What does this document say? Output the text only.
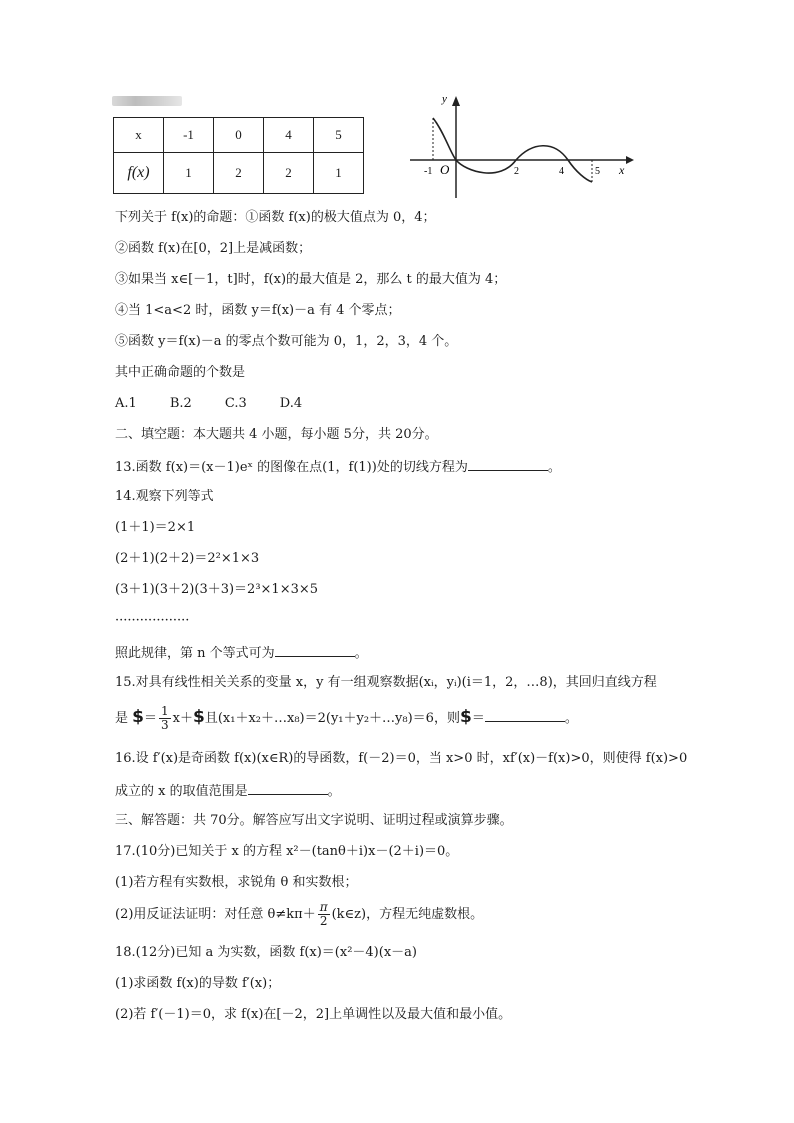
x	-1	0	4	5
f(x)	1	2	2	1
y
x
O
-1	2	4	5
下列关于 f(x)的命题：①函数 f(x)的极大值点为 0，4；
②函数 f(x)在[0，2]上是减函数；
③如果当 x∈[－1，t]时，f(x)的最大值是 2，那么 t 的最大值为 4；
④当 1<a<2 时，函数 y＝f(x)－a 有 4 个零点；
⑤函数 y＝f(x)－a 的零点个数可能为 0，1，2，3，4 个。
其中正确命题的个数是
A.1        B.2        C.3        D.4
二、填空题：本大题共 4 小题，每小题 5分，共 20分。
13.函数 f(x)＝(x－1)eˣ 的图像在点(1，f(1))处的切线方程为	。
14.观察下列等式
(1＋1)＝2×1
(2＋1)(2＋2)＝2²×1×3
(3＋1)(3＋2)(3＋3)＝2³×1×3×5
··················
照此规律，第 n 个等式可为	。
15.对具有线性相关关系的变量 x，y 有一组观察数据(xᵢ，yᵢ)(i＝1，2，…8)，其回归直线方程
是 $＝ $\frac{1}{3}$ x＋$且(x₁＋x₂＋…x₈)＝2(y₁＋y₂＋…y₈)＝6，则$＝	。
16.设 f′(x)是奇函数 f(x)(x∈R)的导函数，f(－2)＝0，当 x>0 时，xf′(x)－f(x)>0，则使得 f(x)>0
成立的 x 的取值范围是	。
三、解答题：共 70分。解答应写出文字说明、证明过程或演算步骤。
17.(10分)已知关于 x 的方程 x²－(tanθ＋i)x－(2＋i)＝0。
(1)若方程有实数根，求锐角 θ 和实数根；
(2)用反证法证明：对任意 $\theta\ne k\pi+ \frac{\pi}{2}$ (k∈z)，方程无纯虚数根。
18.(12分)已知 a 为实数，函数 f(x)＝(x²－4)(x－a)
(1)求函数 f(x)的导数 f′(x)；
(2)若 f′(－1)＝0，求 f(x)在[－2，2]上单调性以及最大值和最小值。
